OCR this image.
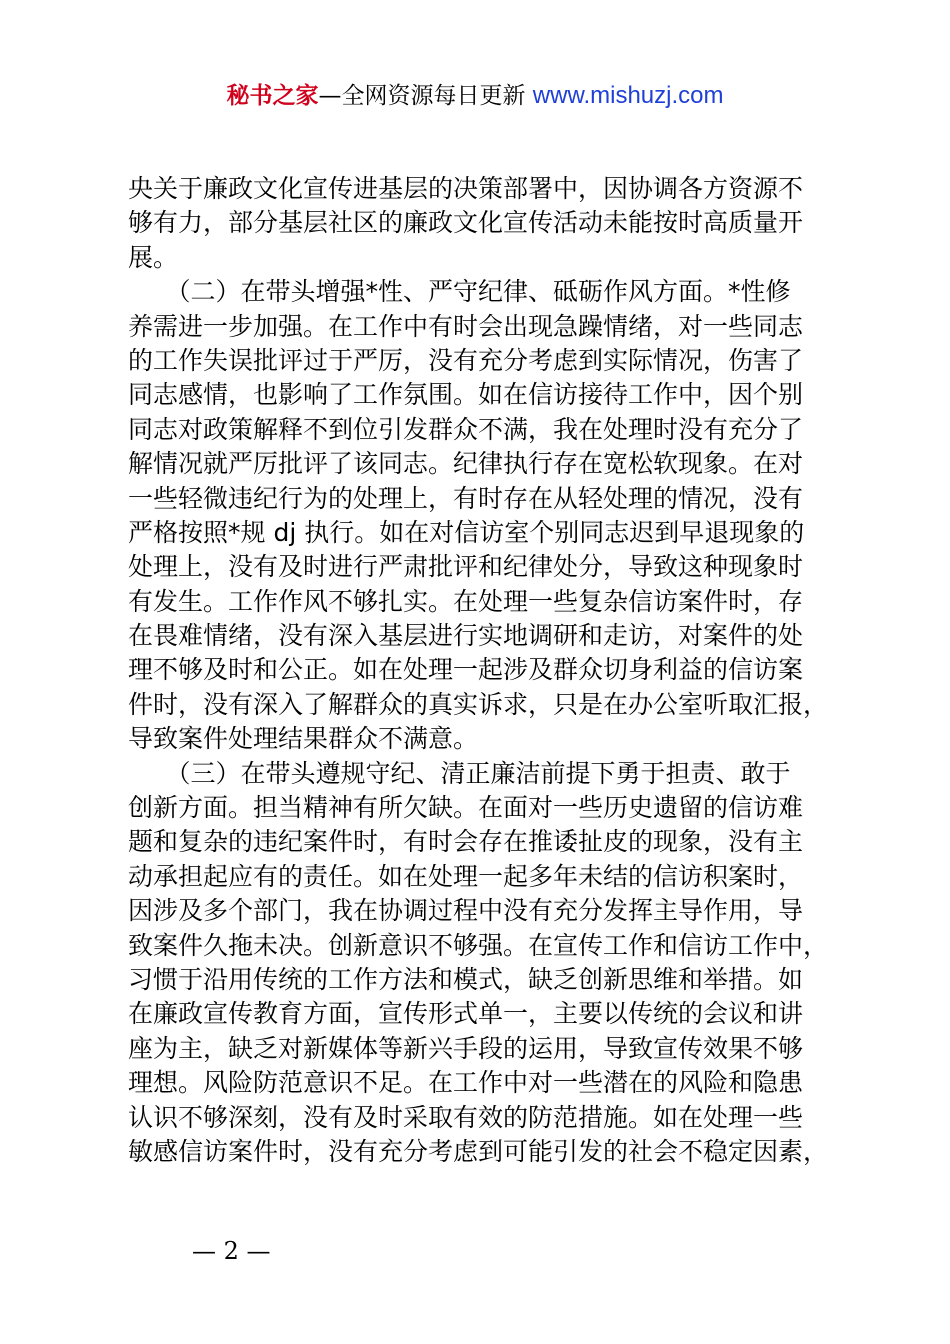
秘书之家—全网资源每日更新 www.mishuzj.com
央关于廉政文化宣传进基层的决策部署中，因协调各方资源不
够有力，部分基层社区的廉政文化宣传活动未能按时高质量开
展。
　　（二）在带头增强*性、严守纪律、砥砺作风方面。*性修
养需进一步加强。在工作中有时会出现急躁情绪，对一些同志
的工作失误批评过于严厉，没有充分考虑到实际情况，伤害了
同志感情，也影响了工作氛围。如在信访接待工作中，因个别
同志对政策解释不到位引发群众不满，我在处理时没有充分了
解情况就严厉批评了该同志。纪律执行存在宽松软现象。在对
一些轻微违纪行为的处理上，有时存在从轻处理的情况，没有
严格按照*规 dj 执行。如在对信访室个别同志迟到早退现象的
处理上，没有及时进行严肃批评和纪律处分，导致这种现象时
有发生。工作作风不够扎实。在处理一些复杂信访案件时，存
在畏难情绪，没有深入基层进行实地调研和走访，对案件的处
理不够及时和公正。如在处理一起涉及群众切身利益的信访案
件时，没有深入了解群众的真实诉求，只是在办公室听取汇报，
导致案件处理结果群众不满意。
　　（三）在带头遵规守纪、清正廉洁前提下勇于担责、敢于
创新方面。担当精神有所欠缺。在面对一些历史遗留的信访难
题和复杂的违纪案件时，有时会存在推诿扯皮的现象，没有主
动承担起应有的责任。如在处理一起多年未结的信访积案时，
因涉及多个部门，我在协调过程中没有充分发挥主导作用，导
致案件久拖未决。创新意识不够强。在宣传工作和信访工作中，
习惯于沿用传统的工作方法和模式，缺乏创新思维和举措。如
在廉政宣传教育方面，宣传形式单一，主要以传统的会议和讲
座为主，缺乏对新媒体等新兴手段的运用，导致宣传效果不够
理想。风险防范意识不足。在工作中对一些潜在的风险和隐患
认识不够深刻，没有及时采取有效的防范措施。如在处理一些
敏感信访案件时，没有充分考虑到可能引发的社会不稳定因素，
— 2 —
